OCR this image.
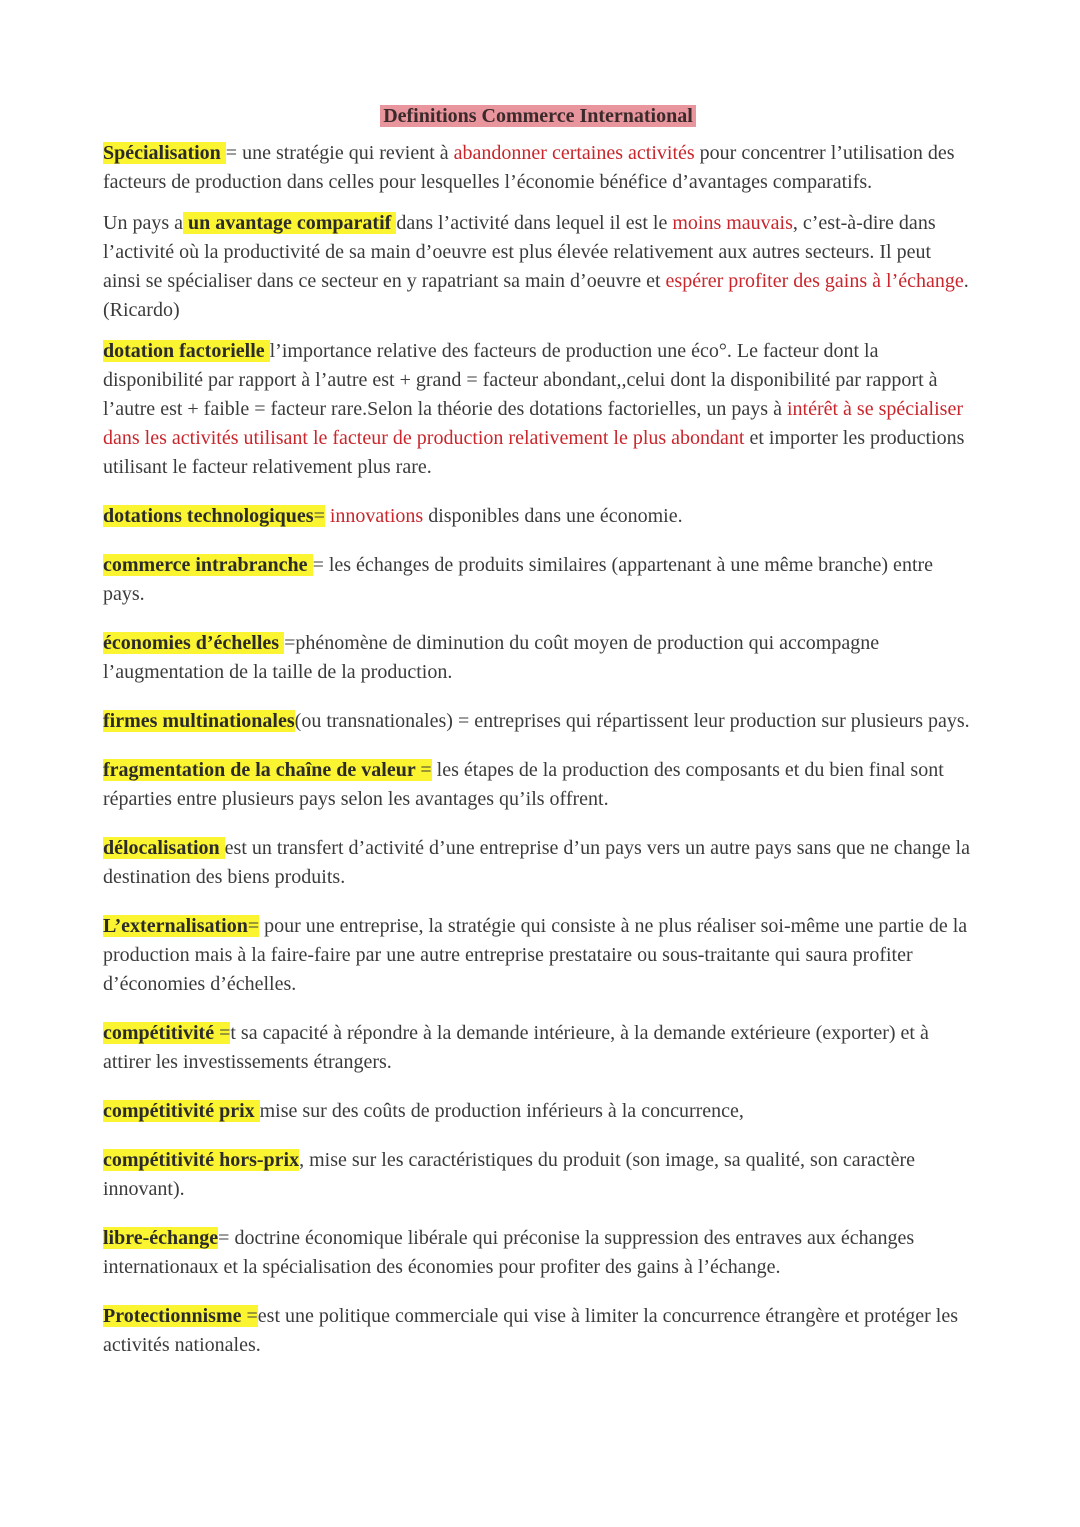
Definitions Commerce International

Spécialisation = une stratégie qui revient à abandonner certaines activités pour concentrer l’utilisation des facteurs de production dans celles pour lesquelles l’économie bénéfice d’avantages comparatifs.

Un pays a un avantage comparatif dans l’activité dans lequel il est le moins mauvais, c’est-à-dire dans l’activité où la productivité de sa main d’oeuvre est plus élevée relativement aux autres secteurs. Il peut ainsi se spécialiser dans ce secteur en y rapatriant sa main d’oeuvre et espérer profiter des gains à l’échange. (Ricardo)

dotation factorielle l’importance relative des facteurs de production une éco°. Le facteur dont la disponibilité par rapport à l’autre est + grand = facteur abondant,,celui dont la disponibilité par rapport à l’autre est + faible = facteur rare.Selon la théorie des dotations factorielles, un pays à intérêt à se spécialiser dans les activités utilisant le facteur de production relativement le plus abondant et importer les productions utilisant le facteur relativement plus rare.

dotations technologiques= innovations disponibles dans une économie.

commerce intrabranche = les échanges de produits similaires (appartenant à une même branche) entre pays.

économies d’échelles =phénomène de diminution du coût moyen de production qui accompagne l’augmentation de la taille de la production.

firmes multinationales(ou transnationales) = entreprises qui répartissent leur production sur plusieurs pays.

fragmentation de la chaîne de valeur = les étapes de la production des composants et du bien final sont réparties entre plusieurs pays selon les avantages qu’ils offrent.

délocalisation est un transfert d’activité d’une entreprise d’un pays vers un autre pays sans que ne change la destination des biens produits.

L’externalisation= pour une entreprise, la stratégie qui consiste à ne plus réaliser soi-même une partie de la production mais à la faire-faire par une autre entreprise prestataire ou sous-traitante qui saura profiter d’économies d’échelles.

compétitivité =t sa capacité à répondre à la demande intérieure, à la demande extérieure (exporter) et à attirer les investissements étrangers.

compétitivité prix mise sur des coûts de production inférieurs à la concurrence,

compétitivité hors-prix, mise sur les caractéristiques du produit (son image, sa qualité, son caractère innovant).

libre-échange= doctrine économique libérale qui préconise la suppression des entraves aux échanges internationaux et la spécialisation des économies pour profiter des gains à l’échange.

Protectionnisme =est une politique commerciale qui vise à limiter la concurrence étrangère et protéger les activités nationales.
